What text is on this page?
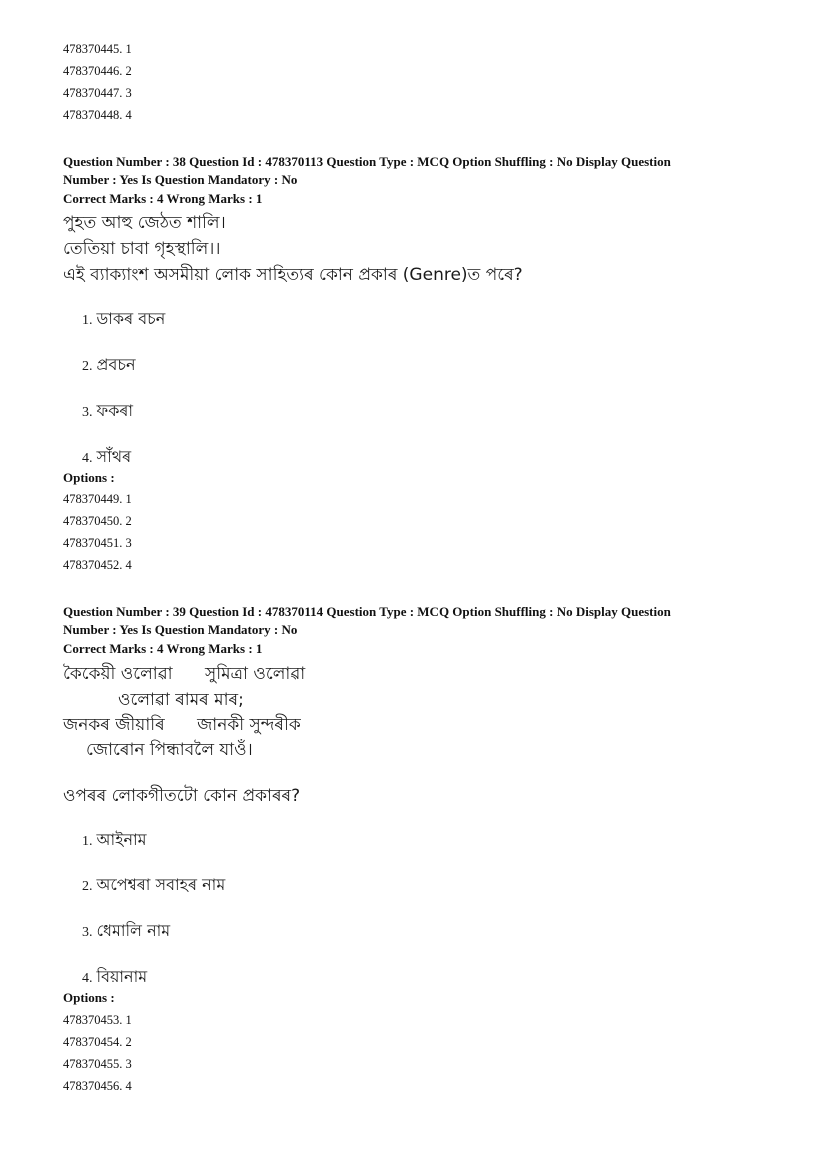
478370445. 1
478370446. 2
478370447. 3
478370448. 4
Question Number : 38 Question Id : 478370113 Question Type : MCQ Option Shuffling : No Display Question
Number : Yes Is Question Mandatory : No
Correct Marks : 4 Wrong Marks : 1
পুহত আহু জেঠত শালি।
তেতিয়া চাবা গৃহস্থালি।।
এই ব্যাক্যাংশ অসমীয়া লোক সাহিত্যৰ কোন প্ৰকাৰ (Genre)ত পৰে?
1. ডাকৰ বচন
2. প্ৰবচন
3. ফকৰা
4. সাঁথৰ
Options :
478370449. 1
478370450. 2
478370451. 3
478370452. 4
Question Number : 39 Question Id : 478370114 Question Type : MCQ Option Shuffling : No Display Question
Number : Yes Is Question Mandatory : No
Correct Marks : 4 Wrong Marks : 1
কৈকেয়ী ওলোৱা      সুমিত্ৰা ওলোৱা
ওলোৱা ৰামৰ মাৰ;
জনকৰ জীয়াৰি      জানকী সুন্দৰীক
জোৰোন পিন্ধাবলৈ যাওঁ।
ওপৰৰ লোকগীতটো কোন প্ৰকাৰৰ?
1. আইনাম
2. অপেশ্বৰা সবাহৰ নাম
3. ধেমালি নাম
4. বিয়ানাম
Options :
478370453. 1
478370454. 2
478370455. 3
478370456. 4
